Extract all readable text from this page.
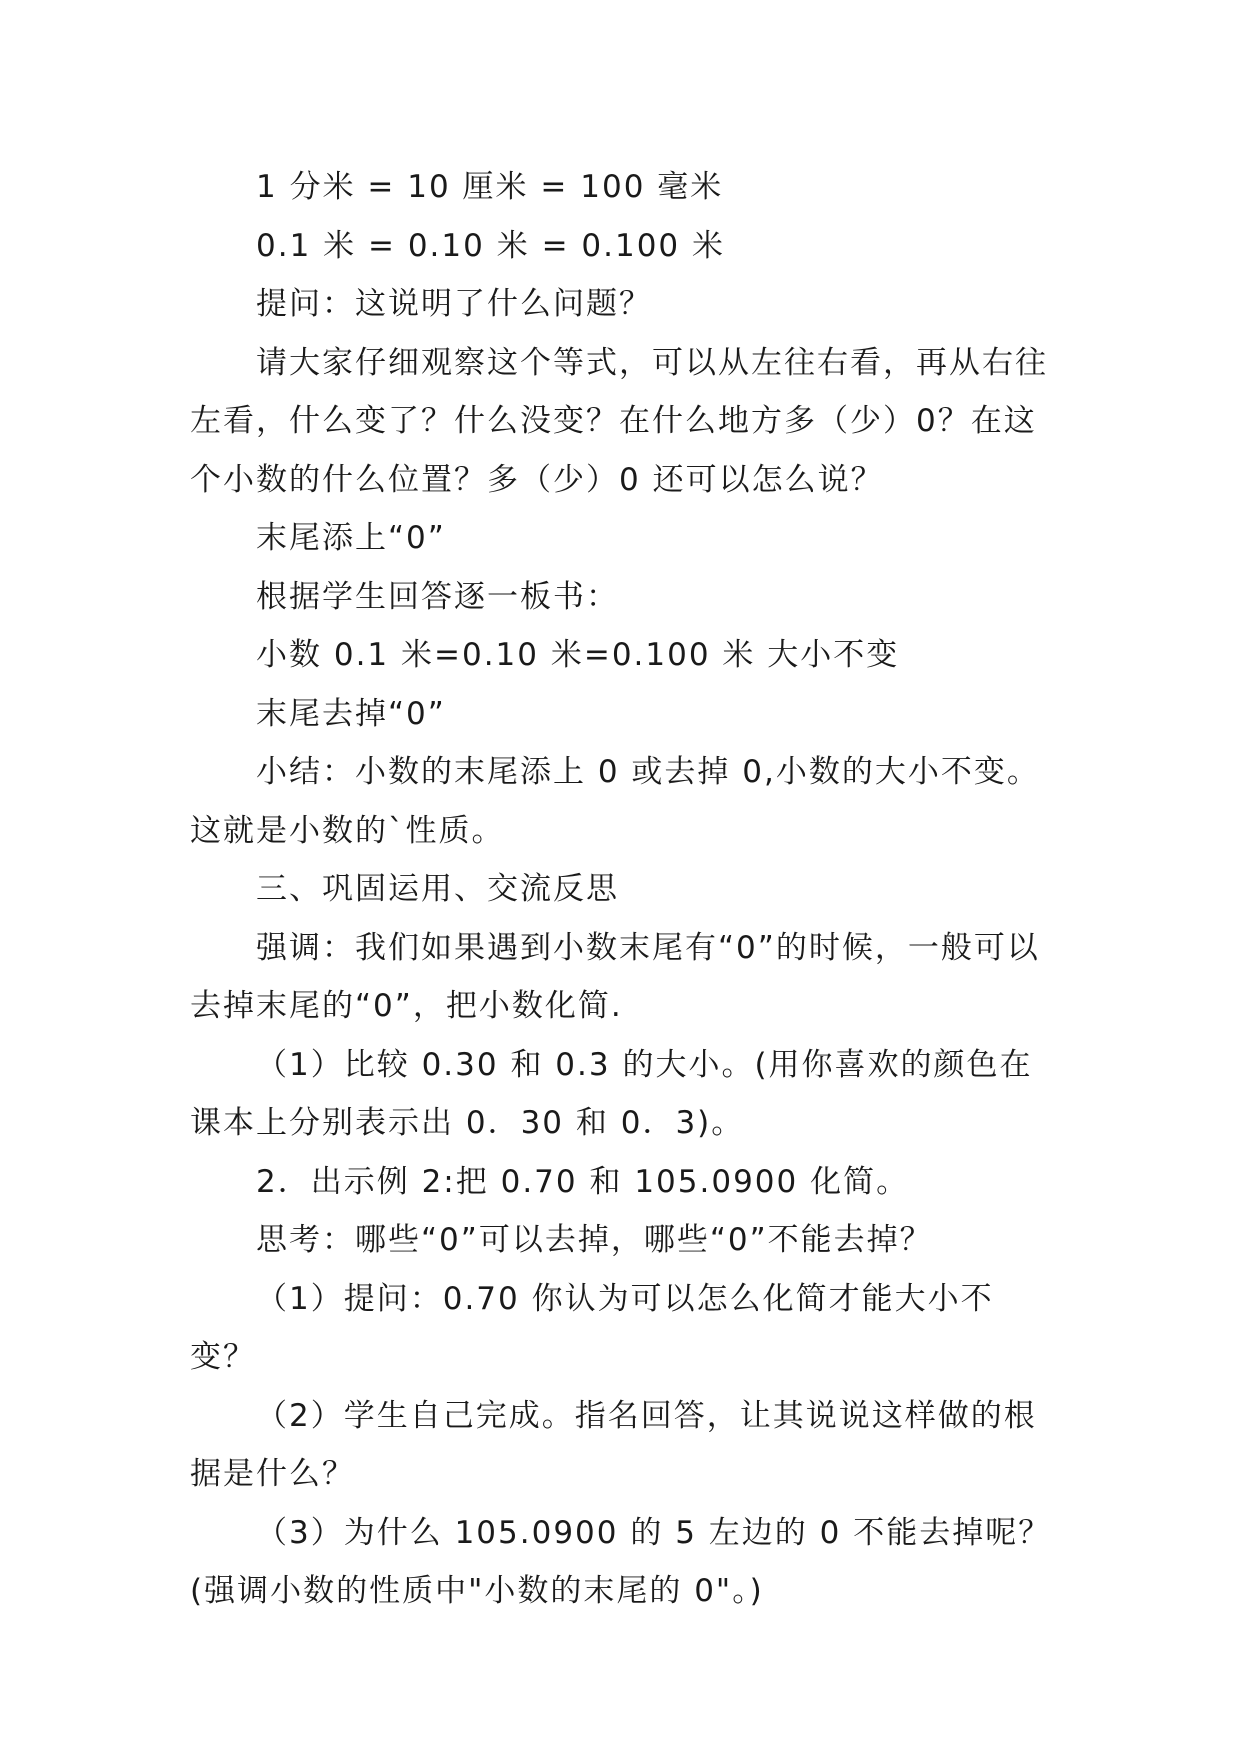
1 分米 = 10 厘米 = 100 毫米

0.1 米 = 0.10 米 = 0.100 米

提问：这说明了什么问题？

请大家仔细观察这个等式，可以从左往右看，再从右往左看，什么变了？什么没变？在什么地方多（少）0？在这个小数的什么位置？多（少）0 还可以怎么说？

末尾添上“0”

根据学生回答逐一板书：

小数 0.1 米=0.10 米=0.100 米 大小不变

末尾去掉“0”

小结：小数的末尾添上 0 或去掉 0,小数的大小不变。这就是小数的`性质。

三、巩固运用、交流反思

强调：我们如果遇到小数末尾有“0”的时候，一般可以去掉末尾的“0”，把小数化简.

（1）比较 0.30 和 0.3 的大小。(用你喜欢的颜色在课本上分别表示出 0．30 和 0．3)。

2．出示例 2:把 0.70 和 105.0900 化简。

思考：哪些“0”可以去掉，哪些“0”不能去掉？

（1）提问：0.70 你认为可以怎么化简才能大小不变？

（2）学生自己完成。指名回答，让其说说这样做的根据是什么？

（3）为什么 105.0900 的 5 左边的 0 不能去掉呢？(强调小数的性质中"小数的末尾的 0"。)
